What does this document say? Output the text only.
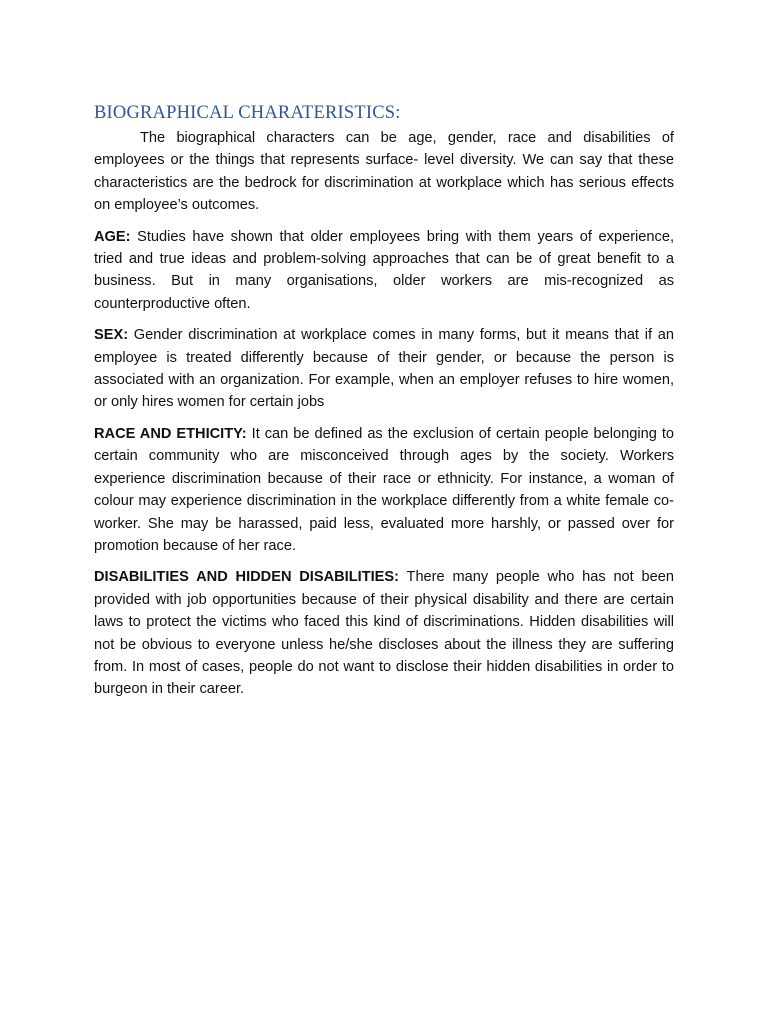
BIOGRAPHICAL CHARATERISTICS:

The biographical characters can be age, gender, race and disabilities of employees or the things that represents surface- level diversity. We can say that these characteristics are the bedrock for discrimination at workplace which has serious effects on employee’s outcomes.

AGE: Studies have shown that older employees bring with them years of experience, tried and true ideas and problem-solving approaches that can be of great benefit to a business. But in many organisations, older workers are mis-recognized as counterproductive often.

SEX: Gender discrimination at workplace comes in many forms, but it means that if an employee is treated differently because of their gender, or because the person is associated with an organization. For example, when an employer refuses to hire women, or only hires women for certain jobs

RACE AND ETHICITY: It can be defined as the exclusion of certain people belonging to certain community who are misconceived through ages by the society. Workers experience discrimination because of their race or ethnicity. For instance, a woman of colour may experience discrimination in the workplace differently from a white female co-worker. She may be harassed, paid less, evaluated more harshly, or passed over for promotion because of her race.

DISABILITIES AND HIDDEN DISABILITIES: There many people who has not been provided with job opportunities because of their physical disability and there are certain laws to protect the victims who faced this kind of discriminations. Hidden disabilities will not be obvious to everyone unless he/she discloses about the illness they are suffering from. In most of cases, people do not want to disclose their hidden disabilities in order to burgeon in their career.
